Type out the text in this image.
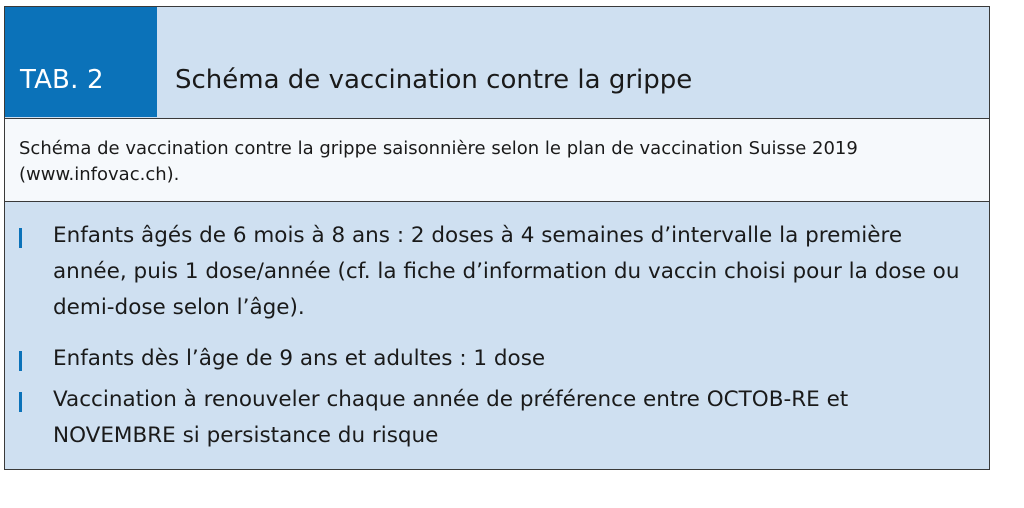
TAB. 2	Schéma de vaccination contre la grippe

Schéma de vaccination contre la grippe saisonnière selon le plan de vaccination Suisse 2019 (www.infovac.ch).

Enfants âgés de 6 mois à 8 ans : 2 doses à 4 semaines d’intervalle la première année, puis 1 dose/année (cf. la fiche d’information du vaccin choisi pour la dose ou demi-dose selon l’âge).
Enfants dès l’âge de 9 ans et adultes : 1 dose
Vaccination à renouveler chaque année de préférence entre OCTOB-RE et NOVEMBRE si persistance du risque
